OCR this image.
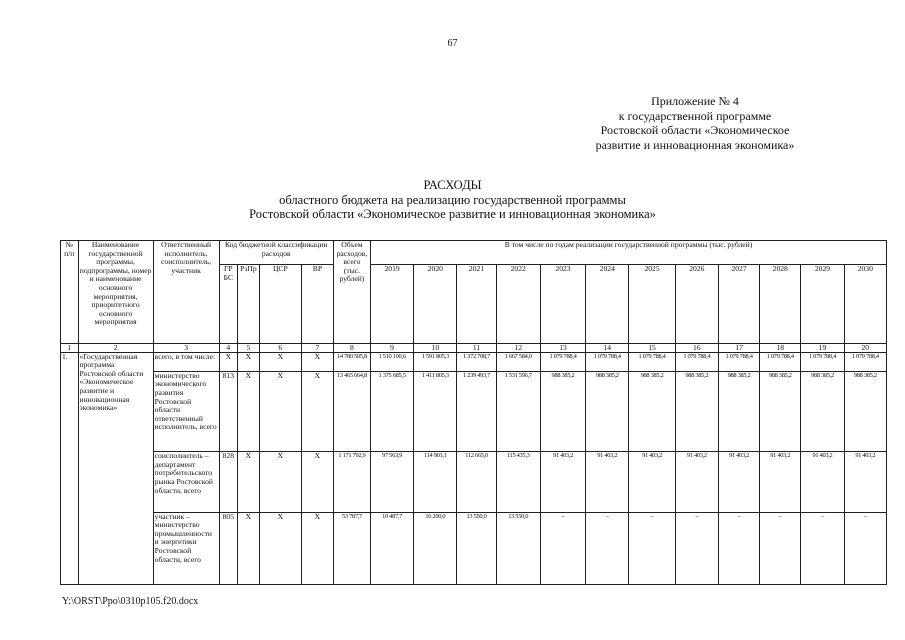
67
Приложение № 4
к государственной программе
Ростовской области «Экономическое
развитие и инновационная экономика»
РАСХОДЫ
областного бюджета на реализацию государственной программы
Ростовской области «Экономическое развитие и инновационная экономика»
№ п/п	Наименование государственной программы, подпрограммы, номер и наименование основного мероприятия, приоритетного основного мероприятия	Ответственный исполнитель, соисполнитель, участник	Код бюджетной классификации расходов				Объем расходов, всего (тыс. рублей)	В том числе по годам реализации государственной программы (тыс. рублей)											
			ГР БС	РзПр	ЦСР	ВР		2019	2020	2021	2022	2023	2024	2025	2026	2027	2028	2029	2030
1	2	3	4	5	6	7	8	9	10	11	12	13	14	15	16	17	18	19	20
1.	«Государственная программа Ростовской области «Экономическое развитие и инновационная экономика»	всего, в том числе:	X	X	X	X	14 780 505,8	1 510 100,6	1 591 805,3	1 372 708,7	1 667 584,0	1 079 788,4	1 079 788,4	1 079 788,4	1 079 788,4	1 079 788,4	1 079 788,4	1 079 788,4	1 079 788,4
		министерство экономического развития Ростовской области ответственный исполнитель, всего	813	X	X	X	13 465 664,8	1 375 685,5	1 411 805,3	1 239 493,7	1 531 596,7	988 385,2	988 385,2	988 385,2	988 385,2	988 385,2	988 385,2	988 385,2	988 385,2
		соисполнитель – департамент потребительского рынка Ростовской области, всего	828	X	X	X	1 171 792,9	97 563,9	114 903,1	112 665,0	115 435,3	91 403,2	91 403,2	91 403,2	91 403,2	91 403,2	91 403,2	91 403,2	91 403,2
		участник – министерство промышленности и энергетики Ростовской области, всего	805	X	X	X	53 787,7	10 487,7	16 200,0	13 550,0	13 550,0	–	–	–	–	–	–	–	–
Y:\ORST\Ppo\0310p105.f20.docx
